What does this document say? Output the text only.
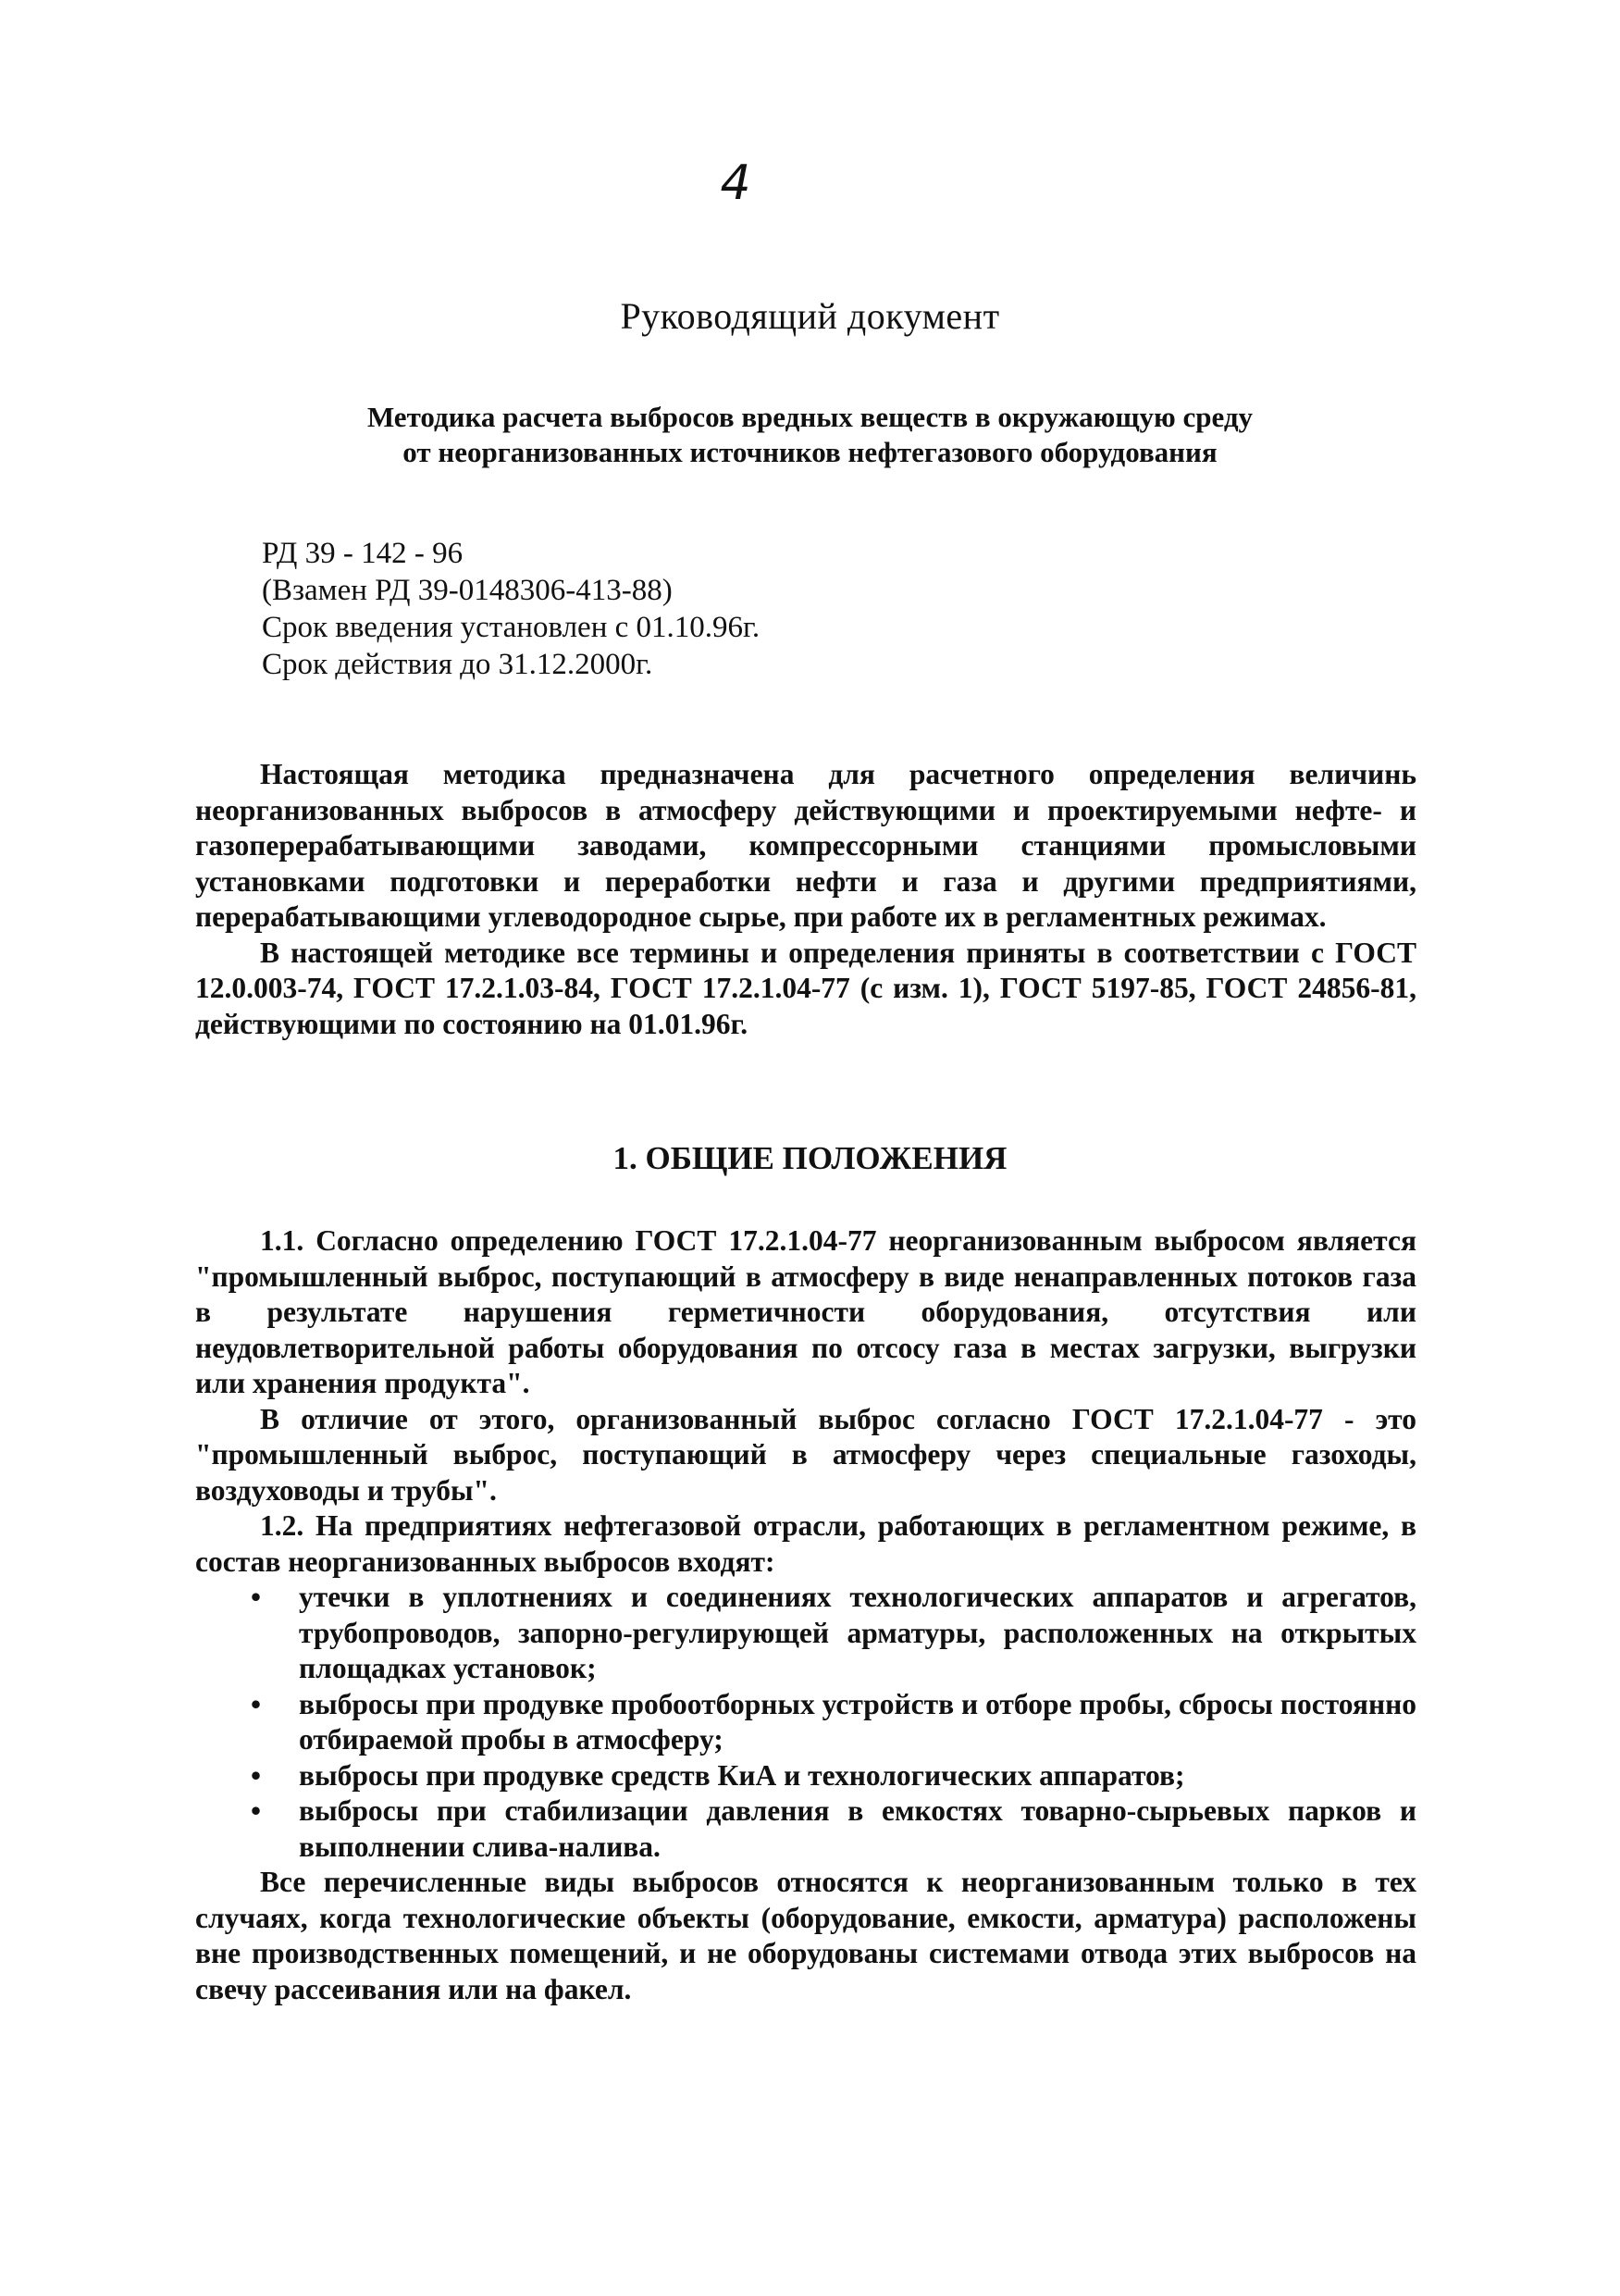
4
Руководящий документ
Методика расчета выбросов вредных веществ в окружающую среду
от неорганизованных источников нефтегазового оборудования
РД 39 - 142 - 96
(Взамен РД 39-0148306-413-88)
Срок введения установлен с 01.10.96г.
Срок действия до 31.12.2000г.

Настоящая методика предназначена для расчетного определения величинь неорганизованных выбросов в атмосферу действующими и проектируемыми нефте- и газоперерабатывающими заводами, компрессорными станциями промысловыми установками подготовки и переработки нефти и газа и другими предприятиями, перерабатывающими углеводородное сырье, при работе их в регламентных режимах.

В настоящей методике все термины и определения приняты в соответствии с ГОСТ 12.0.003-74, ГОСТ 17.2.1.03-84, ГОСТ 17.2.1.04-77 (с изм. 1), ГОСТ 5197-85, ГОСТ 24856-81, действующими по состоянию на 01.01.96г.

1. ОБЩИЕ ПОЛОЖЕНИЯ

1.1. Согласно определению ГОСТ 17.2.1.04-77 неорганизованным выбросом является "промышленный выброс, поступающий в атмосферу в виде ненаправленных потоков газа в результате нарушения герметичности оборудования, отсутствия или неудовлетворительной работы оборудования по отсосу газа в местах загрузки, выгрузки или хранения продукта".

В отличие от этого, организованный выброс согласно ГОСТ 17.2.1.04-77 - это "промышленный выброс, поступающий в атмосферу через специальные газоходы, воздуховоды и трубы".

1.2. На предприятиях нефтегазовой отрасли, работающих в регламентном режиме, в состав неорганизованных выбросов входят:

• утечки в уплотнениях и соединениях технологических аппаратов и агрегатов, трубопроводов, запорно-регулирующей арматуры, расположенных на открытых площадках установок;
• выбросы при продувке пробоотборных устройств и отборе пробы, сбросы постоянно отбираемой пробы в атмосферу;
• выбросы при продувке средств КиА и технологических аппаратов;
• выбросы при стабилизации давления в емкостях товарно-сырьевых парков и выполнении слива-налива.

Все перечисленные виды выбросов относятся к неорганизованным только в тех случаях, когда технологические объекты (оборудование, емкости, арматура) расположены вне производственных помещений, и не оборудованы системами отвода этих выбросов на свечу рассеивания или на факел.
